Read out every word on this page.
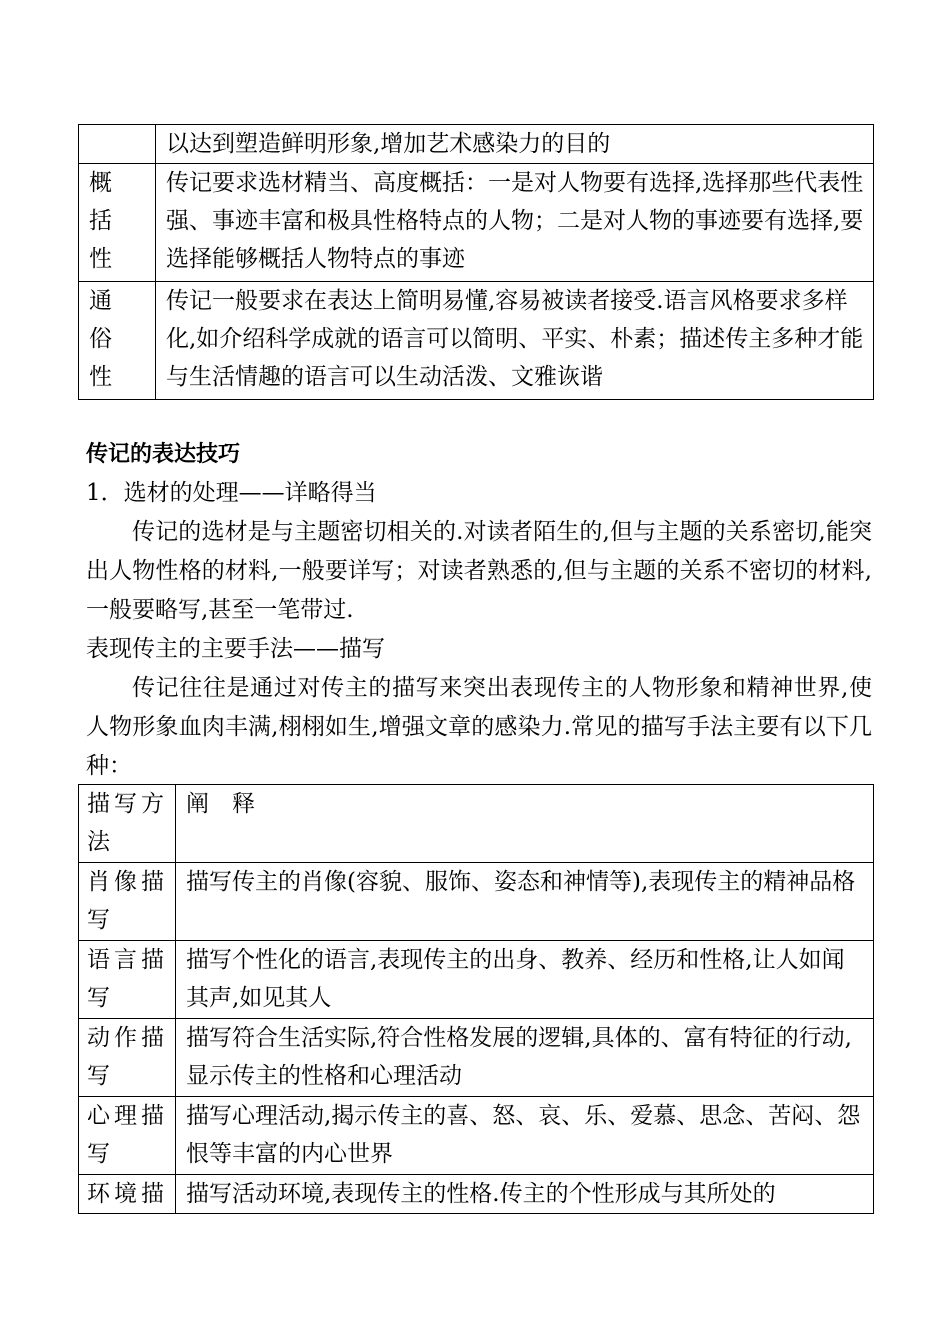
	以达到塑造鲜明形象,增加艺术感染力的目的
概括性	传记要求选材精当、高度概括：一是对人物要有选择,选择那些代表性强、事迹丰富和极具性格特点的人物；二是对人物的事迹要有选择,要选择能够概括人物特点的事迹
通俗性	传记一般要求在表达上简明易懂,容易被读者接受.语言风格要求多样化,如介绍科学成就的语言可以简明、平实、朴素；描述传主多种才能与生活情趣的语言可以生动活泼、文雅诙谐
传记的表达技巧
1．选材的处理——详略得当
传记的选材是与主题密切相关的.对读者陌生的,但与主题的关系密切,能突出人物性格的材料,一般要详写；对读者熟悉的,但与主题的关系不密切的材料,一般要略写,甚至一笔带过.
表现传主的主要手法——描写
传记往往是通过对传主的描写来突出表现传主的人物形象和精神世界,使人物形象血肉丰满,栩栩如生,增强文章的感染力.常见的描写手法主要有以下几种：
描写方法	阐　释
肖像描写	描写传主的肖像(容貌、服饰、姿态和神情等),表现传主的精神品格
语言描写	描写个性化的语言,表现传主的出身、教养、经历和性格,让人如闻其声,如见其人
动作描写	描写符合生活实际,符合性格发展的逻辑,具体的、富有特征的行动,显示传主的性格和心理活动
心理描写	描写心理活动,揭示传主的喜、怒、哀、乐、爱慕、思念、苦闷、怨恨等丰富的内心世界
环境描	描写活动环境,表现传主的性格.传主的个性形成与其所处的
